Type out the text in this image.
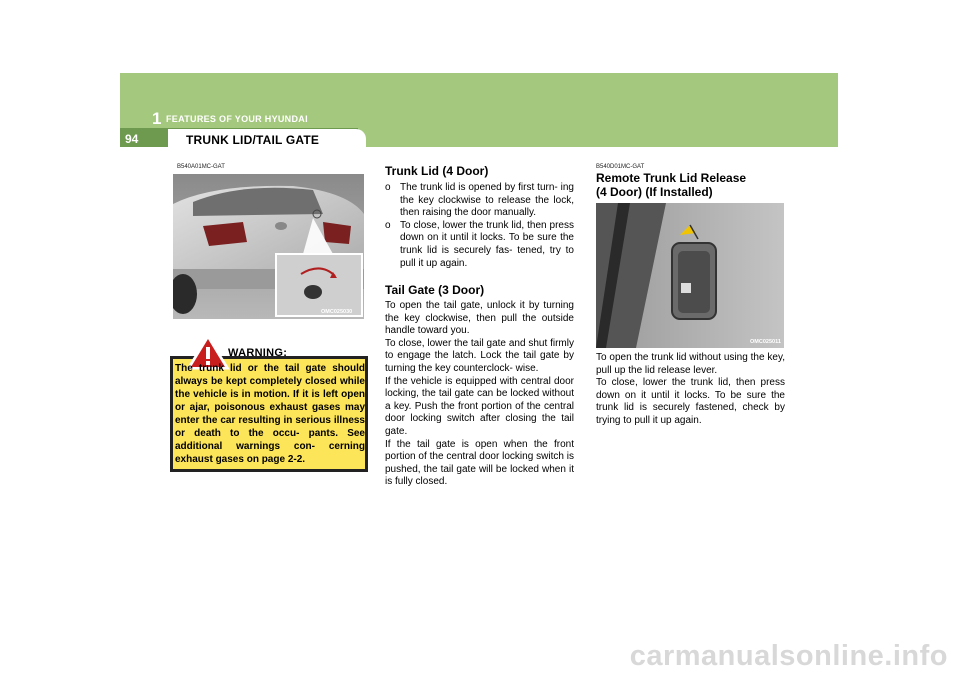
94
1 FEATURES OF YOUR HYUNDAI
TRUNK LID/TAIL GATE
B540A01MC-GAT
OMC025030
WARNING:
The trunk lid or the tail gate should always be kept completely closed while the vehicle is in motion. If it is left open or ajar, poisonous exhaust gases may enter the car resulting in serious illness or death to the occu- pants. See additional warnings con- cerning exhaust gases on page 2-2.
Trunk Lid (4 Door)

o The trunk lid is opened by first turn- ing the key clockwise to release the lock, then raising the door manually.

o To close, lower the trunk lid, then press down on it until it locks. To be sure the trunk lid is securely fas- tened, try to pull it up again.

Tail Gate (3 Door)

To open the tail gate, unlock it by turning the key clockwise, then pull the outside handle toward you.

To close, lower the tail gate and shut firmly to engage the latch. Lock the tail gate by turning the key counterclock- wise.

If the vehicle is equipped with central door locking, the tail gate can be locked without a key. Push the front portion of the central door locking switch after closing the tail gate.

If the tail gate is open when the front portion of the central door locking switch is pushed, the tail gate will be locked when it is fully closed.

B540D01MC-GAT
Remote Trunk Lid Release
(4 Door) (If Installed)
OMC025011

To open the trunk lid without using the key, pull up the lid release lever.

To close, lower the trunk lid, then press down on it until it locks. To be sure the trunk lid is securely fastened, check by trying to pull it up again.

carmanualsonline.info
